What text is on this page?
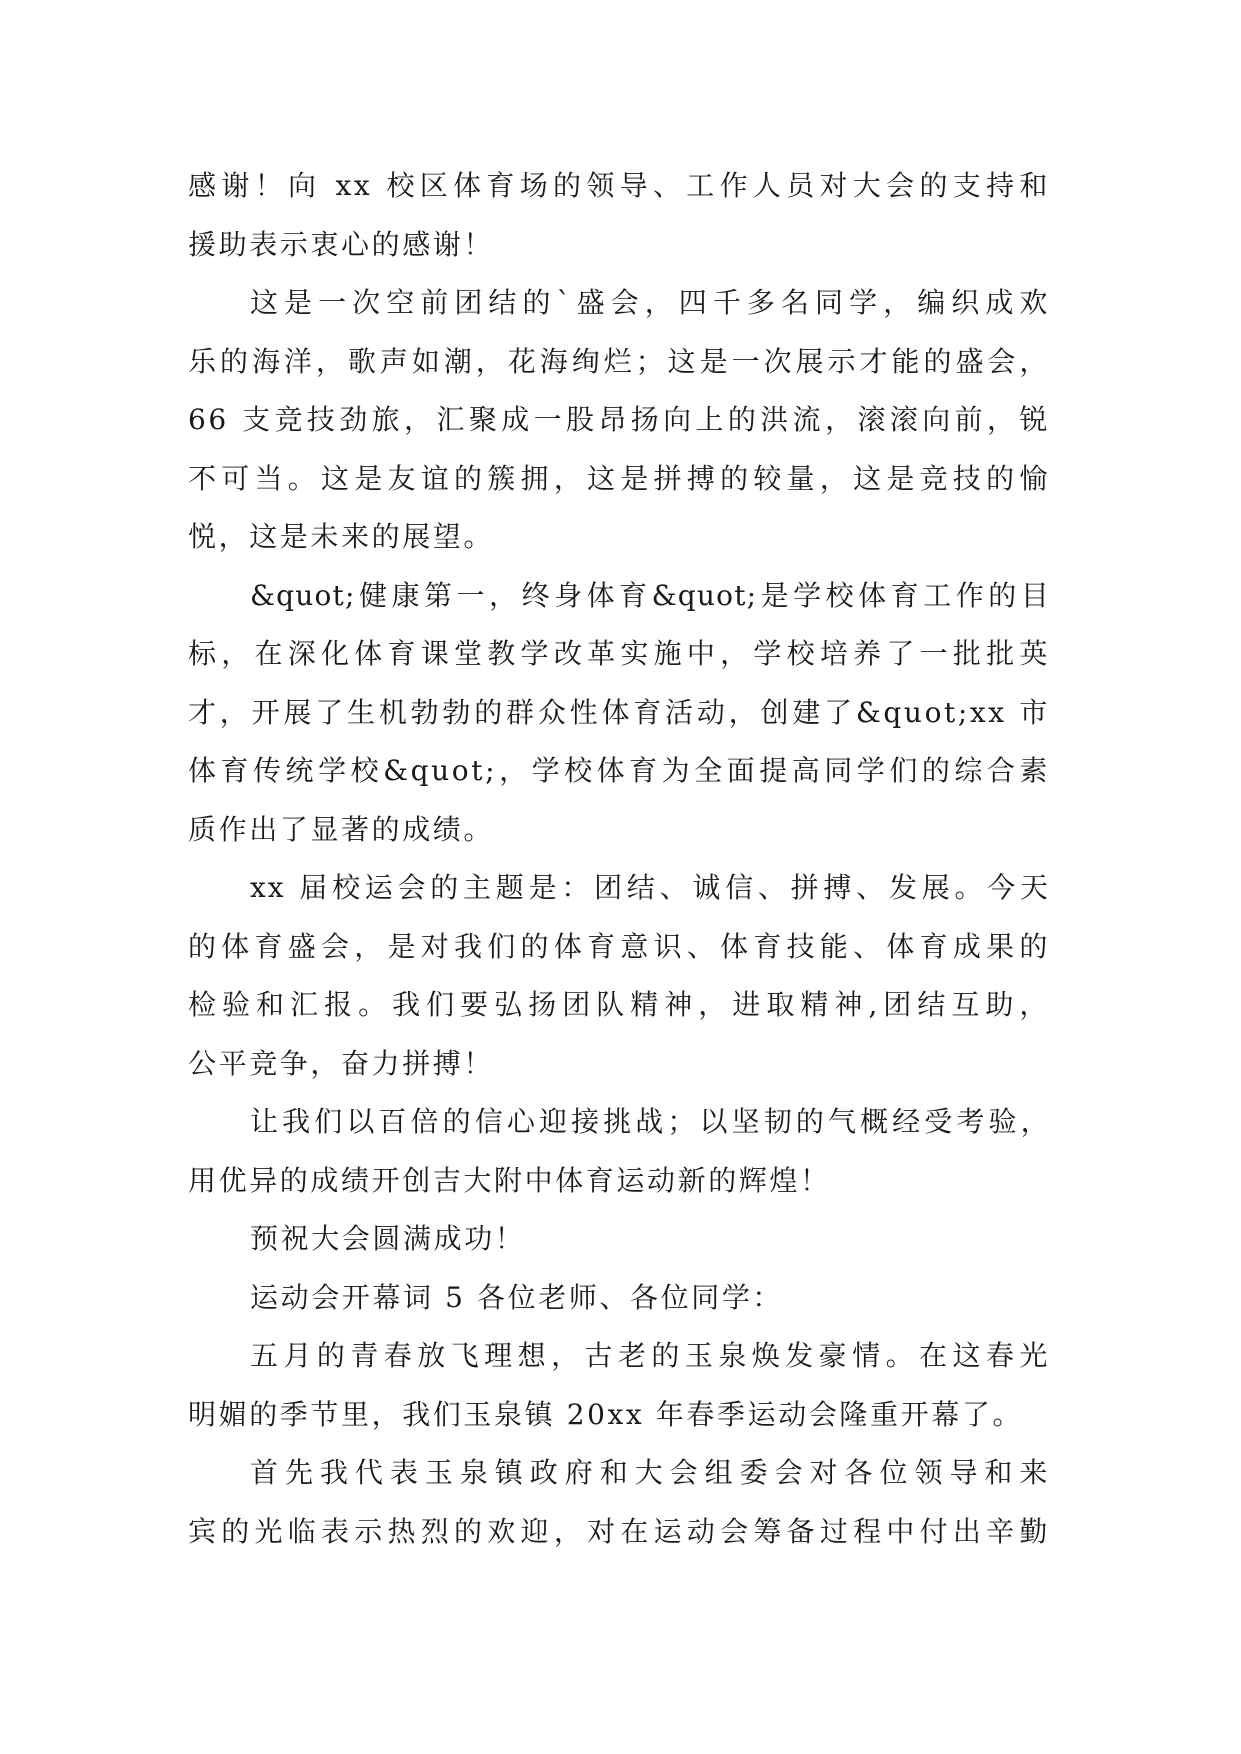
感谢！向 xx 校区体育场的领导、工作人员对大会的支持和
援助表示衷心的感谢！

这是一次空前团结的`盛会，四千多名同学，编织成欢
乐的海洋，歌声如潮，花海绚烂；这是一次展示才能的盛会，
66 支竞技劲旅，汇聚成一股昂扬向上的洪流，滚滚向前，锐
不可当。这是友谊的簇拥，这是拼搏的较量，这是竞技的愉
悦，这是未来的展望。

&quot;健康第一，终身体育&quot;是学校体育工作的目
标，在深化体育课堂教学改革实施中，学校培养了一批批英
才，开展了生机勃勃的群众性体育活动，创建了&quot;xx 市
体育传统学校&quot;，学校体育为全面提高同学们的综合素
质作出了显著的成绩。

xx 届校运会的主题是：团结、诚信、拼搏、发展。今天
的体育盛会，是对我们的体育意识、体育技能、体育成果的
检验和汇报。我们要弘扬团队精神，进取精神,团结互助，
公平竞争，奋力拼搏！

让我们以百倍的信心迎接挑战；以坚韧的气概经受考验，
用优异的成绩开创吉大附中体育运动新的辉煌！

预祝大会圆满成功！

运动会开幕词 5 各位老师、各位同学：

五月的青春放飞理想，古老的玉泉焕发豪情。在这春光
明媚的季节里，我们玉泉镇 20xx 年春季运动会隆重开幕了。

首先我代表玉泉镇政府和大会组委会对各位领导和来
宾的光临表示热烈的欢迎，对在运动会筹备过程中付出辛勤
